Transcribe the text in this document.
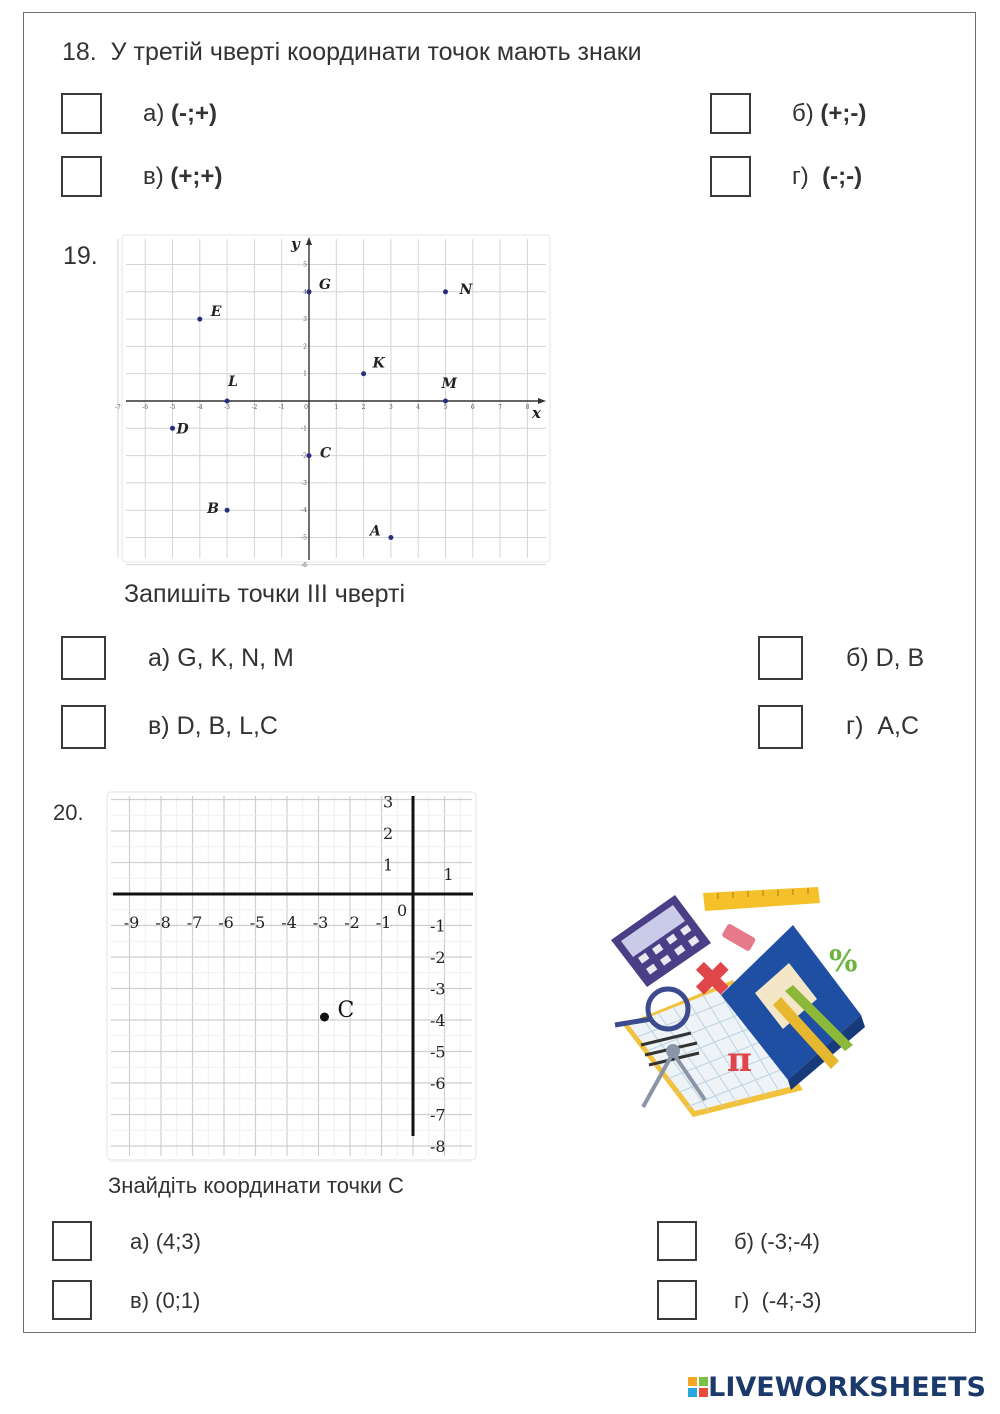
18. У третій чверті координати точок мають знаки
а) (-;+)	б) (+;-)
в) (+;+)	г) (-;-)
19.
-7	-6	-5	-4	-3	-2	-1	1	2	3	4	5	6	7	8
0
5
4
3
2
1
-1
-2
-3
-4
-5
-6
G	N
E
K
L	M
D
C
B
A
x
y
Запишіть точки III чверті
а) G, K, N, M	б) D, B
в) D, B, L,C	г) A,C
20.
-9 -8 -7 -6 -5 -4 -3 -2 -1
1
3
2
1
-1
-2
-3
-4
-5
-6
-7
-8
C
0
✖	%
π
Знайдіть координати точки С
а) (4;3)	б) (-3;-4)
в) (0;1)	г) (-4;-3)
LIVEWORKSHEETS
